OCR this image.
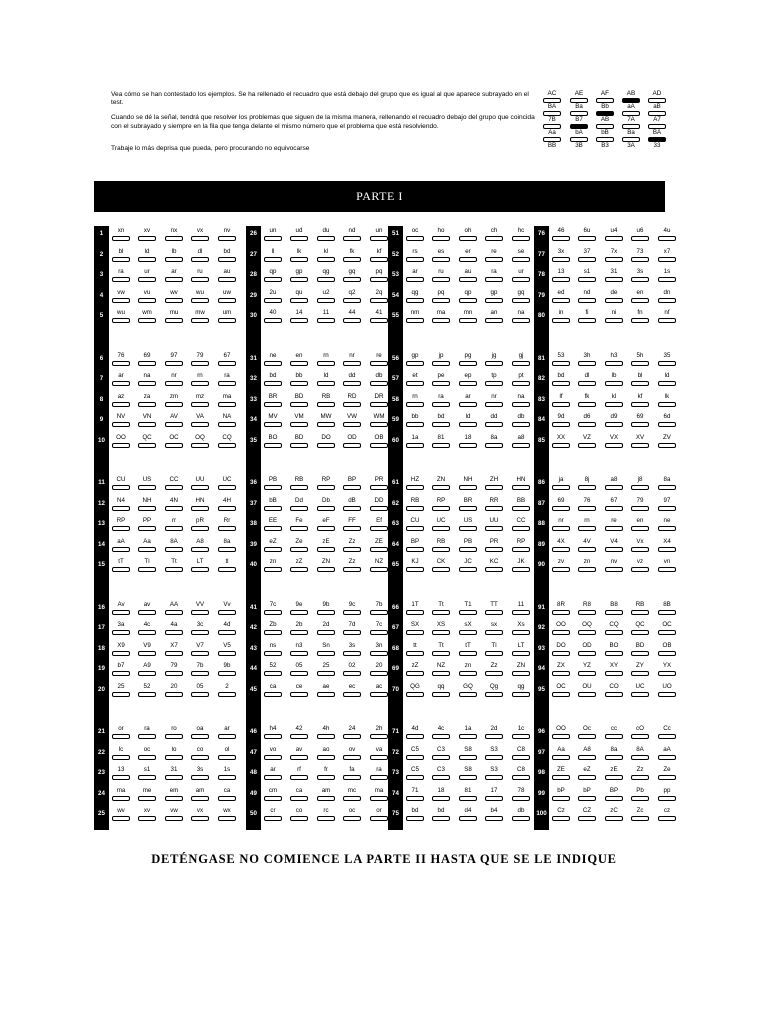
Vea cómo se han contestado los ejemplos. Se ha rellenado el recuadro que está debajo del grupo que es igual al que aparece subrayado en el test.

Cuando se dé la señal, tendrá que resolver los problemas que siguen de la misma manera, rellenando el recuadro debajo del grupo que coincida con el subrayado y siempre en la fila que tenga delante el mismo número que el problema que está resolviendo.

Trabaje lo más deprisa que pueda, pero procurando no equivocarse

AC
BA
7B
Aa
BB
AE
Ba
B7
bA
3B
AF
Bb
AB
bB
B3
AB
aA
7A
Ba
3A
AD
aB
A7
BA
33
PARTE I
1	xn	xv	nx	vx	nv
2	bl	ld	lb	dl	bd
3	ra	ur	ar	ru	au
4	vw	vu	wv	wu	uw
5	wu	wm	mu	mw	um
6	76	69	97	79	67
7	ar	na	nr	rn	ra
8	az	za	zm	mz	ma
9	NV	VN	AV	VA	NA
10	OO	QC	OC	OQ	CQ
11	CU	US	CC	UU	UC
12	N4	NH	4N	HN	4H
13	RP	PP	rr	pR	Rr
14	aA	Aa	8A	A8	8a
15	tT	Tl	Tt	LT	tl
16	Av	av	AA	VV	Vv
17	3a	4c	4a	3c	4d
18	X9	V9	X7	V7	V5
19	b7	A9	79	7b	9b
20	25	52	20	05	2
21	or	ra	ro	oa	ar
22	lc	oc	lo	co	ol
23	13	s1	31	3s	1s
24	ma	me	em	am	ca
25	wv	xv	vw	vx	wx
26	un	ud	du	nd	un
27	ll	lk	kl	fk	kf
28	qp	gp	qg	gq	pq
29	2u	qu	u2	q2	2q
30	40	14	11	44	41
31	ne	en	rn	nr	re
32	bd	bb	ld	dd	db
33	BR	BD	RB	RD	DR
34	MV	VM	MW	VW	WM
35	BO	BD	DO	OD	OB
36	PB	RB	RP	BP	PR
37	bB	Dd	Db	dB	DD
38	EE	Fe	eF	FF	Ef
39	eZ	Ze	zE	Zz	ZE
40	zn	zZ	ZN	Zz	NZ
41	7c	9e	9b	9c	7b
42	Zb	2b	2d	7d	7c
43	ns	n3	Sn	3s	3n
44	52	05	25	02	20
45	ca	ce	ae	ec	ac
46	h4	42	4h	24	2h
47	vo	av	ao	ov	va
48	ar	rf	fr	fa	ra
49	cm	ca	am	mc	ma
50	cr	co	rc	oc	or
51	oc	ho	oh	ch	hc
52	rs	es	er	re	se
53	ar	ru	au	ra	ur
54	qg	pq	qp	gp	gq
55	nm	ma	mn	an	na
56	gp	jp	pg	jg	gj
57	et	pe	ep	tp	pt
58	rn	ra	ar	nr	na
59	bb	bd	ld	dd	db
60	1a	81	18	8a	a8
61	HZ	ZN	NH	ZH	HN
62	RB	RP	BR	RR	BB
63	CU	UC	US	UU	CC
64	BP	RB	PB	PR	RP
65	KJ	CK	JC	KC	JK
66	1T	Tt	T1	TT	11
67	SX	XS	sX	sx	Xs
68	tt	Tt	tT	Tl	LT
69	zZ	NZ	zn	Zz	ZN
70	QG	qq	GQ	Qg	qg
71	4d	4c	1a	2d	1c
72	C5	C3	S8	S3	C8
73	C5	C3	S8	S3	C8
74	71	18	81	17	78
75	bd	bd	d4	b4	db
76	46	6u	u4	u6	4u
77	3x	37	7x	73	x7
78	13	s1	31	3s	1s
79	ed	nd	de	en	dn
80	in	fi	ni	fn	nf
81	53	3h	h3	5h	35
82	bd	dl	lb	bl	ld
83	lf	fk	kl	kf	lk
84	9d	d6	d9	69	6d
85	XX	VZ	VX	XV	ZV
86	ja	8j	a8	j8	8a
87	69	76	67	79	97
88	nr	rn	re	en	ne
89	4X	4V	V4	Vx	X4
90	zv	zn	nv	vz	vn
91	8R	R8	B8	RB	8B
92	OO	OQ	CQ	QC	OC
93	DO	OD	BO	BD	OB
94	ZX	YZ	XY	ZY	YX
95	OC	OU	CO	UC	UO
96	OO	Oc	cc	cO	Cc
97	Aa	A8	8a	8A	aA
98	ZE	eZ	zE	Zz	Ze
99	bP	bP	BP	Pb	pp
100	Cz	CZ	zC	Zc	cz
DETÉNGASE NO COMIENCE LA PARTE II HASTA QUE SE LE INDIQUE
